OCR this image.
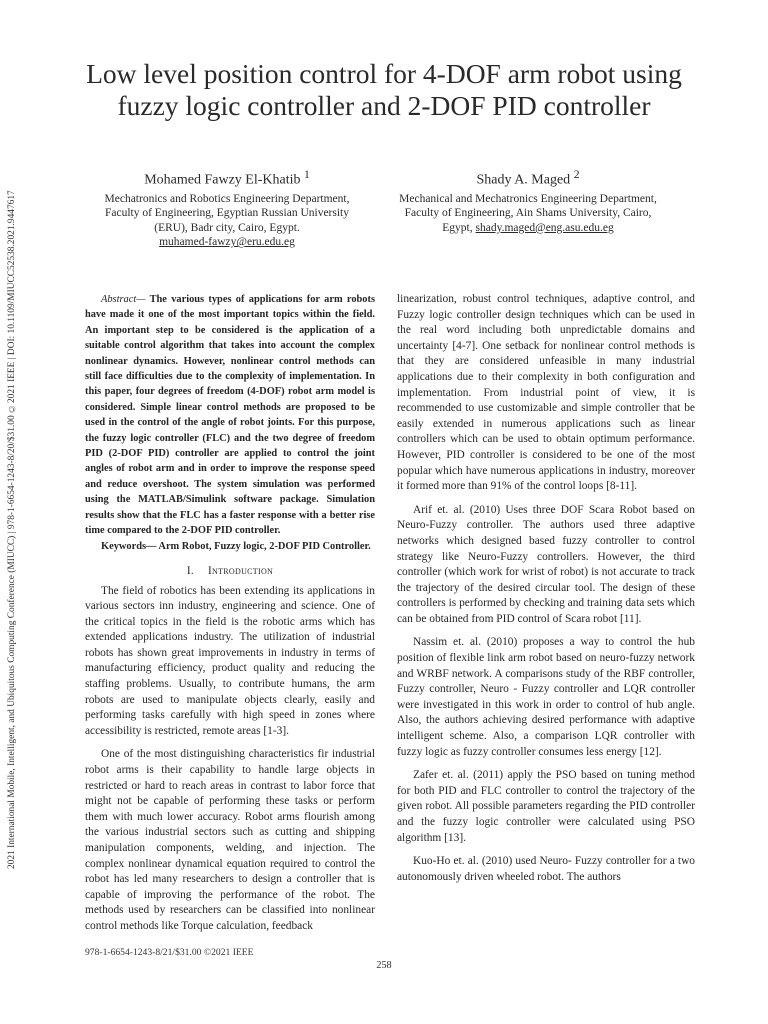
2021 International Mobile, Intelligent, and Ubiquitous Computing Conference (MIUCC) | 978-1-6654-1243-8/20/$31.00 ©2021 IEEE | DOI: 10.1109/MIUCC52538.2021.9447617
Low level position control for 4-DOF arm robot using fuzzy logic controller and 2-DOF PID controller
Mohamed Fawzy El-Khatib $^1$
Mechatronics and Robotics Engineering Department,
Faculty of Engineering, Egyptian Russian University
(ERU), Badr city, Cairo, Egypt.
muhamed-fawzy@eru.edu.eg
Shady A. Maged $^2$
Mechanical and Mechatronics Engineering Department,
Faculty of Engineering, Ain Shams University, Cairo,
Egypt, shady.maged@eng.asu.edu.eg

Abstract— The various types of applications for arm robots have made it one of the most important topics within the field. An important step to be considered is the application of a suitable control algorithm that takes into account the complex nonlinear dynamics. However, nonlinear control methods can still face difficulties due to the complexity of implementation. In this paper, four degrees of freedom (4-DOF) robot arm model is considered. Simple linear control methods are proposed to be used in the control of the angle of robot joints. For this purpose, the fuzzy logic controller (FLC) and the two degree of freedom PID (2-DOF PID) controller are applied to control the joint angles of robot arm and in order to improve the response speed and reduce overshoot. The system simulation was performed using the MATLAB/Simulink software package. Simulation results show that the FLC has a faster response with a better rise time compared to the 2-DOF PID controller.

Keywords— Arm Robot, Fuzzy logic, 2-DOF PID Controller.

I. Introduction

The field of robotics has been extending its applications in various sectors inn industry, engineering and science. One of the critical topics in the field is the robotic arms which has extended applications industry. The utilization of industrial robots has shown great improvements in industry in terms of manufacturing efficiency, product quality and reducing the staffing problems. Usually, to contribute humans, the arm robots are used to manipulate objects clearly, easily and performing tasks carefully with high speed in zones where accessibility is restricted, remote areas [1-3].

One of the most distinguishing characteristics fir industrial robot arms is their capability to handle large objects in restricted or hard to reach areas in contrast to labor force that might not be capable of performing these tasks or perform them with much lower accuracy. Robot arms flourish among the various industrial sectors such as cutting and shipping manipulation components, welding, and injection. The complex nonlinear dynamical equation required to control the robot has led many researchers to design a controller that is capable of improving the performance of the robot. The methods used by researchers can be classified into nonlinear control methods like Torque calculation, feedback

linearization, robust control techniques, adaptive control, and Fuzzy logic controller design techniques which can be used in the real word including both unpredictable domains and uncertainty [4-7]. One setback for nonlinear control methods is that they are considered unfeasible in many industrial applications due to their complexity in both configuration and implementation. From industrial point of view, it is recommended to use customizable and simple controller that be easily extended in numerous applications such as linear controllers which can be used to obtain optimum performance. However, PID controller is considered to be one of the most popular which have numerous applications in industry, moreover it formed more than 91% of the control loops [8-11].

Arif et. al. (2010) Uses three DOF Scara Robot based on Neuro-Fuzzy controller. The authors used three adaptive networks which designed based fuzzy controller to control strategy like Neuro-Fuzzy controllers. However, the third controller (which work for wrist of robot) is not accurate to track the trajectory of the desired circular tool. The design of these controllers is performed by checking and training data sets which can be obtained from PID control of Scara robot [11].

Nassim et. al. (2010) proposes a way to control the hub position of flexible link arm robot based on neuro-fuzzy network and WRBF network. A comparisons study of the RBF controller, Fuzzy controller, Neuro - Fuzzy controller and LQR controller were investigated in this work in order to control of hub angle. Also, the authors achieving desired performance with adaptive intelligent scheme. Also, a comparison LQR controller with fuzzy logic as fuzzy controller consumes less energy [12].

Zafer et. al. (2011) apply the PSO based on tuning method for both PID and FLC controller to control the trajectory of the given robot. All possible parameters regarding the PID controller and the fuzzy logic controller were calculated using PSO algorithm [13].

Kuo-Ho et. al. (2010) used Neuro- Fuzzy controller for a two autonomously driven wheeled robot. The authors

978-1-6654-1243-8/21/$31.00 ©2021 IEEE
258
